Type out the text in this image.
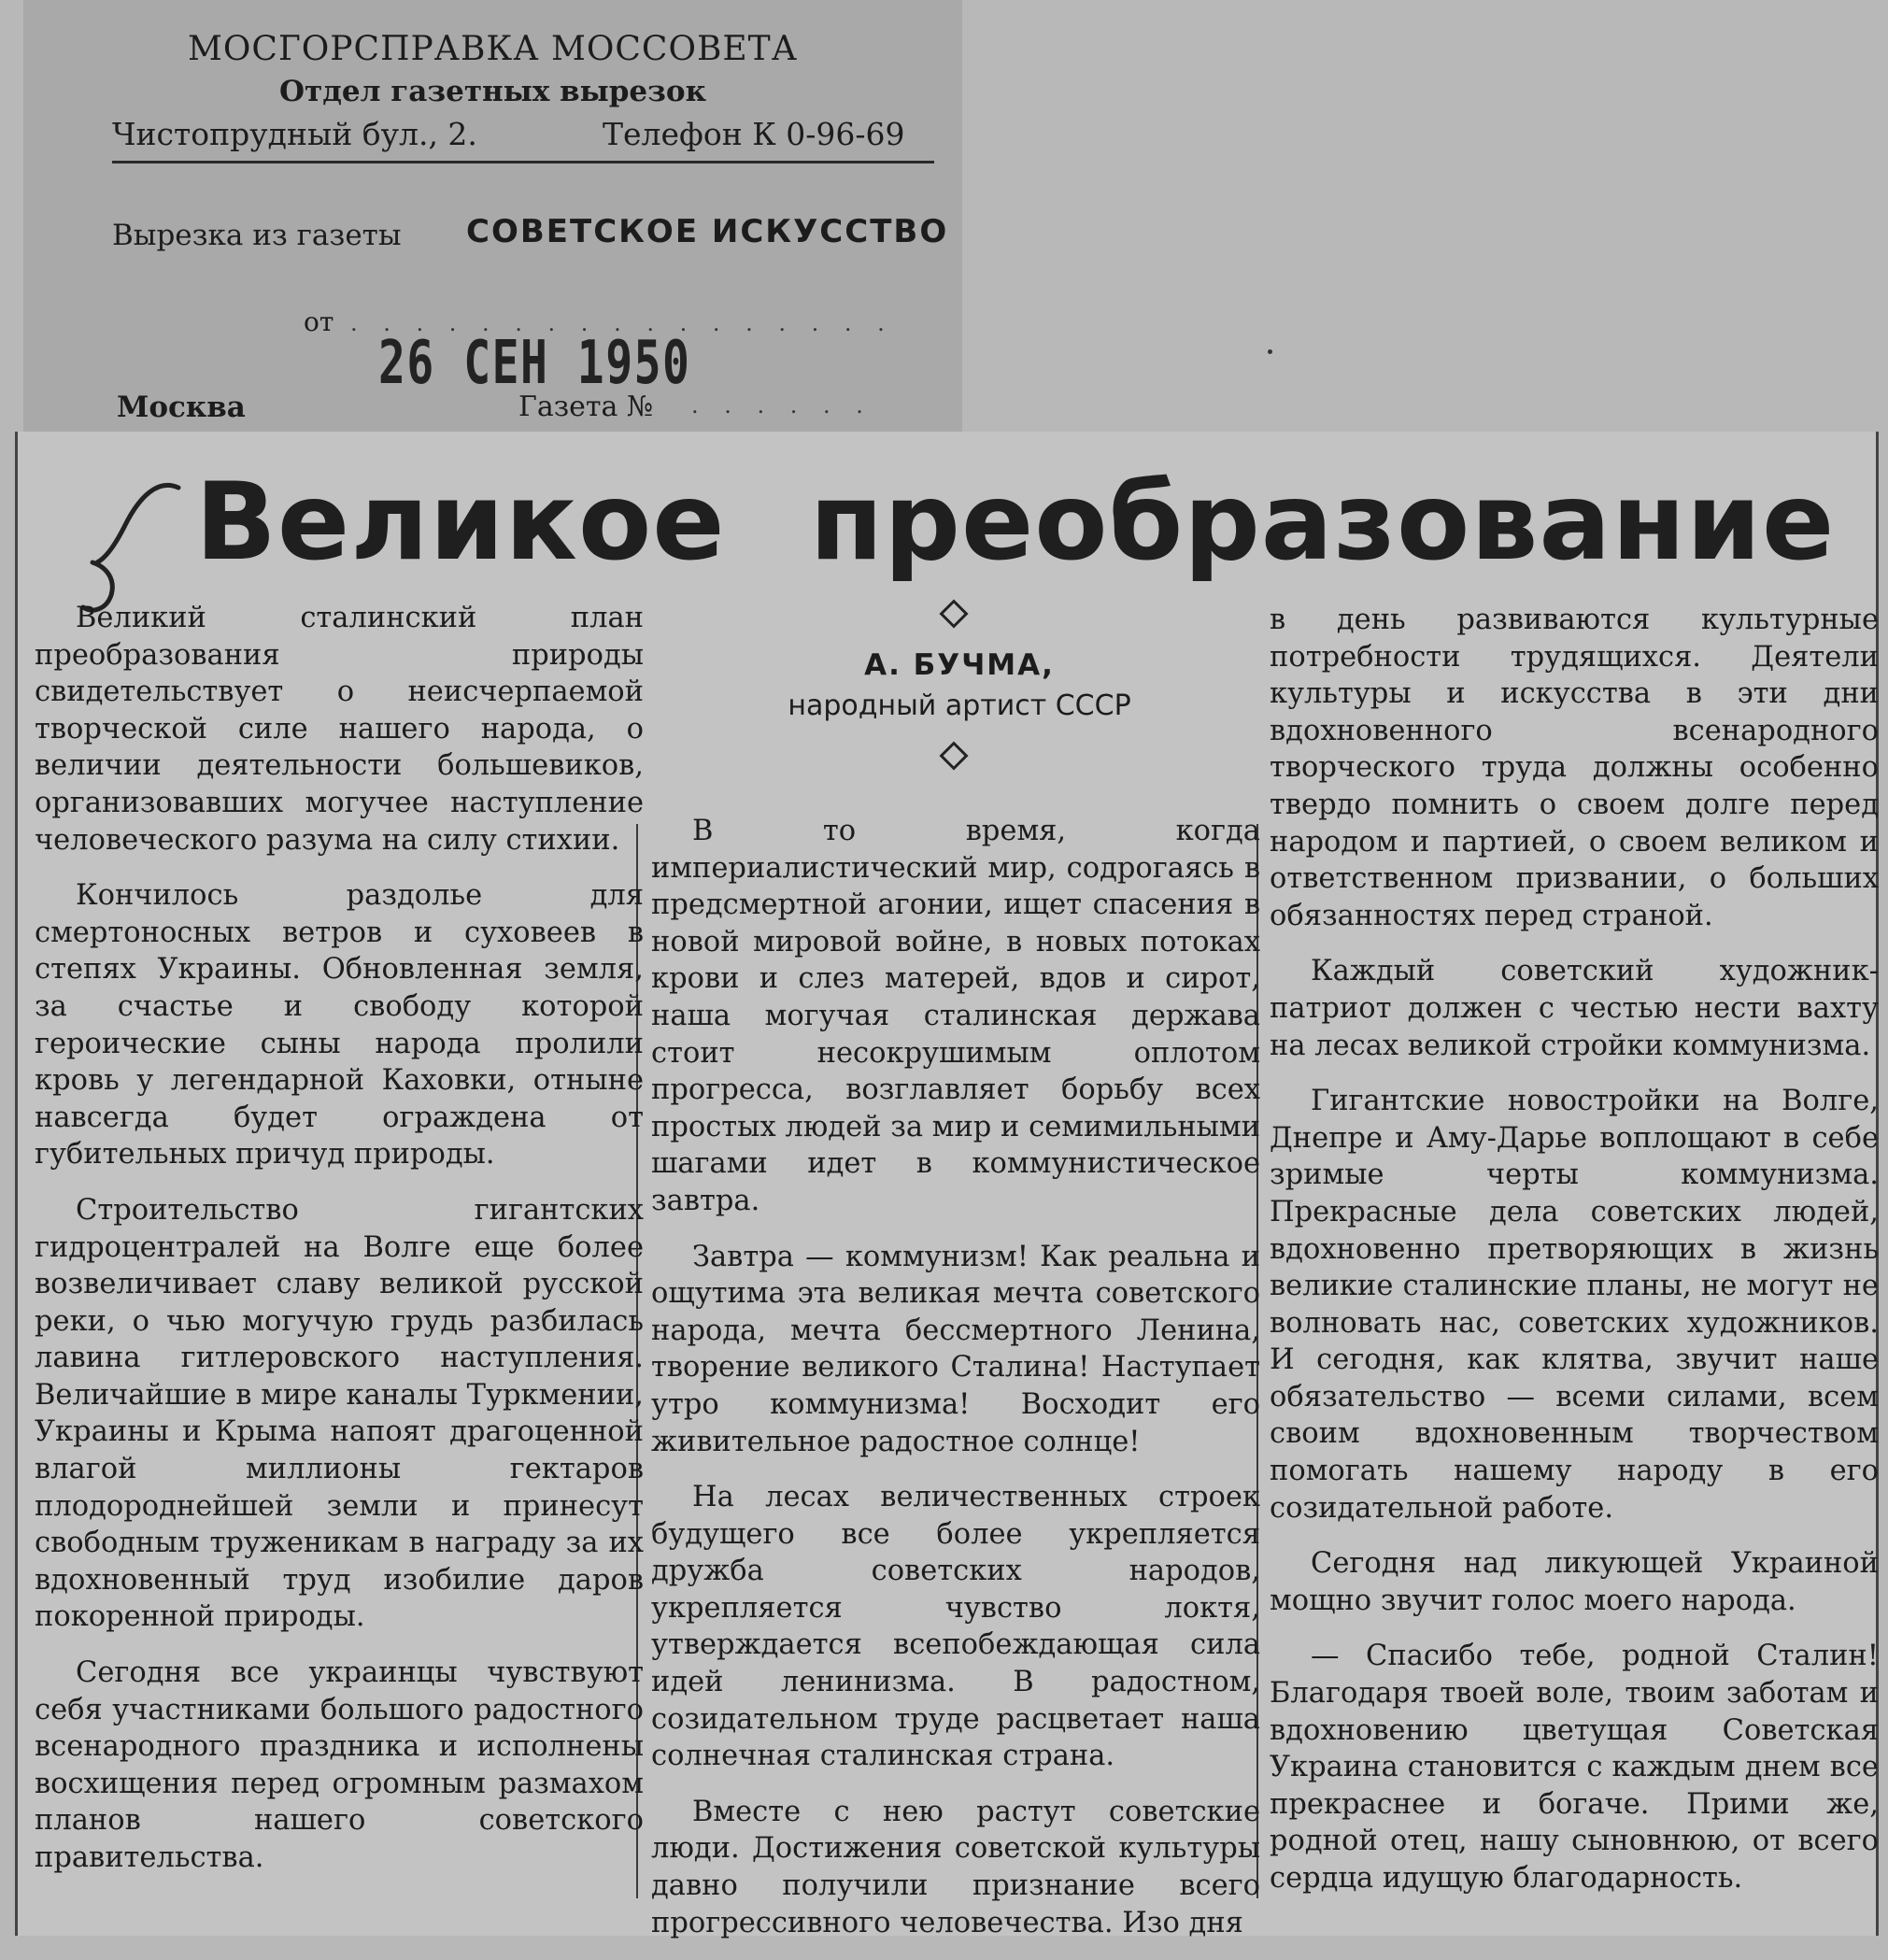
МОСГОРСПРАВКА МОССОВЕТА
Отдел газетных вырезок
Чистопрудный бул., 2.	Телефон К 0-96-69
Вырезка из газеты СОВЕТСКОЕ ИСКУССТВО
от . . . . . . . . . . . . . . . . .
26 СЕН 1950
Москва	Газета № . . . . . .
Великое преобразование
А. БУЧМА,
народный артист СССР

Великий сталинский план преобразования природы свидетельствует о неисчерпаемой творческой силе нашего народа, о величии деятельности большевиков, организовавших могучее наступление человеческого разума на силу стихии.

Кончилось раздолье для смертоносных ветров и суховеев в степях Украины. Обновленная земля, за счастье и свободу которой героические сыны народа пролили кровь у легендарной Каховки, отныне навсегда будет ограждена от губительных причуд природы.

Строительство гигантских гидроцентралей на Волге еще более возвеличивает славу великой русской реки, о чью могучую грудь разбилась лавина гитлеровского наступления. Величайшие в мире каналы Туркмении, Украины и Крыма напоят драгоценной влагой миллионы гектаров плодороднейшей земли и принесут свободным труженикам в награду за их вдохновенный труд изобилие даров покоренной природы.

Сегодня все украинцы чувствуют себя участниками большого радостного всенародного праздника и исполнены восхищения перед огромным размахом планов нашего советского правительства.

В то время, когда империалистический мир, содрогаясь в предсмертной агонии, ищет спасения в новой мировой войне, в новых потоках крови и слез матерей, вдов и сирот, наша могучая сталинская держава стоит несокрушимым оплотом прогресса, возглавляет борьбу всех простых людей за мир и семимильными шагами идет в коммунистическое завтра.

Завтра — коммунизм! Как реальна и ощутима эта великая мечта советского народа, мечта бессмертного Ленина, творение великого Сталина! Наступает утро коммунизма! Восходит его живительное радостное солнце!

На лесах величественных строек будущего все более укрепляется дружба советских народов, укрепляется чувство локтя, утверждается всепобеждающая сила идей ленинизма. В радостном, созидательном труде расцветает наша солнечная сталинская страна.

Вместе с нею растут советские люди. Достижения советской культуры давно получили признание всего прогрессивного человечества. Изо дня

в день развиваются культурные потребности трудящихся. Деятели культуры и искусства в эти дни вдохновенного всенародного творческого труда должны особенно твердо помнить о своем долге перед народом и партией, о своем великом и ответственном призвании, о больших обязанностях перед страной.

Каждый советский художник-патриот должен с честью нести вахту на лесах великой стройки коммунизма.

Гигантские новостройки на Волге, Днепре и Аму-Дарье воплощают в себе зримые черты коммунизма. Прекрасные дела советских людей, вдохновенно претворяющих в жизнь великие сталинские планы, не могут не волновать нас, советских художников. И сегодня, как клятва, звучит наше обязательство — всеми силами, всем своим вдохновенным творчеством помогать нашему народу в его созидательной работе.

Сегодня над ликующей Украиной мощно звучит голос моего народа.

— Спасибо тебе, родной Сталин! Благодаря твоей воле, твоим заботам и вдохновению цветущая Советская Украина становится с каждым днем все прекраснее и богаче. Прими же, родной отец, нашу сыновнюю, от всего сердца идущую благодарность.
